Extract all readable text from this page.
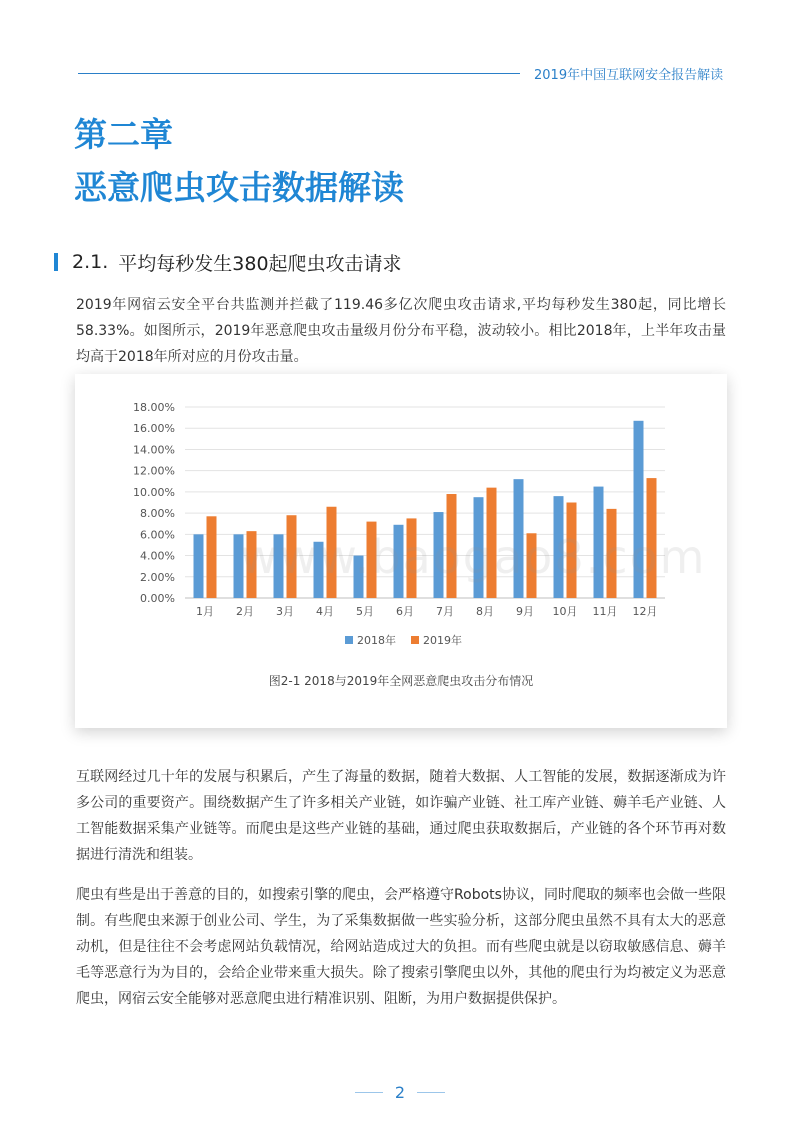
2019年中国互联网安全报告解读
第二章
恶意爬虫攻击数据解读
2.1. 平均每秒发生380起爬虫攻击请求
2019年网宿云安全平台共监测并拦截了119.46多亿次爬虫攻击请求,平均每秒发生380起，同比增长58.33%。如图所示，2019年恶意爬虫攻击量级月份分布平稳，波动较小。相比2018年，上半年攻击量均高于2018年所对应的月份攻击量。
0.00%
2.00%
4.00%
6.00%
8.00%
10.00%
12.00%
14.00%
16.00%
18.00%
1月 2月 3月 4月 5月 6月 7月 8月 9月 10月 11月 12月
2018年 2019年
图2-1 2018与2019年全网恶意爬虫攻击分布情况
www.baogao8.com
互联网经过几十年的发展与积累后，产生了海量的数据，随着大数据、人工智能的发展，数据逐渐成为许多公司的重要资产。围绕数据产生了许多相关产业链，如诈骗产业链、社工库产业链、薅羊毛产业链、人工智能数据采集产业链等。而爬虫是这些产业链的基础，通过爬虫获取数据后，产业链的各个环节再对数据进行清洗和组装。
爬虫有些是出于善意的目的，如搜索引擎的爬虫，会严格遵守Robots协议，同时爬取的频率也会做一些限制。有些爬虫来源于创业公司、学生，为了采集数据做一些实验分析，这部分爬虫虽然不具有太大的恶意动机，但是往往不会考虑网站负载情况，给网站造成过大的负担。而有些爬虫就是以窃取敏感信息、薅羊毛等恶意行为为目的，会给企业带来重大损失。除了搜索引擎爬虫以外，其他的爬虫行为均被定义为恶意爬虫，网宿云安全能够对恶意爬虫进行精准识别、阻断，为用户数据提供保护。
2
